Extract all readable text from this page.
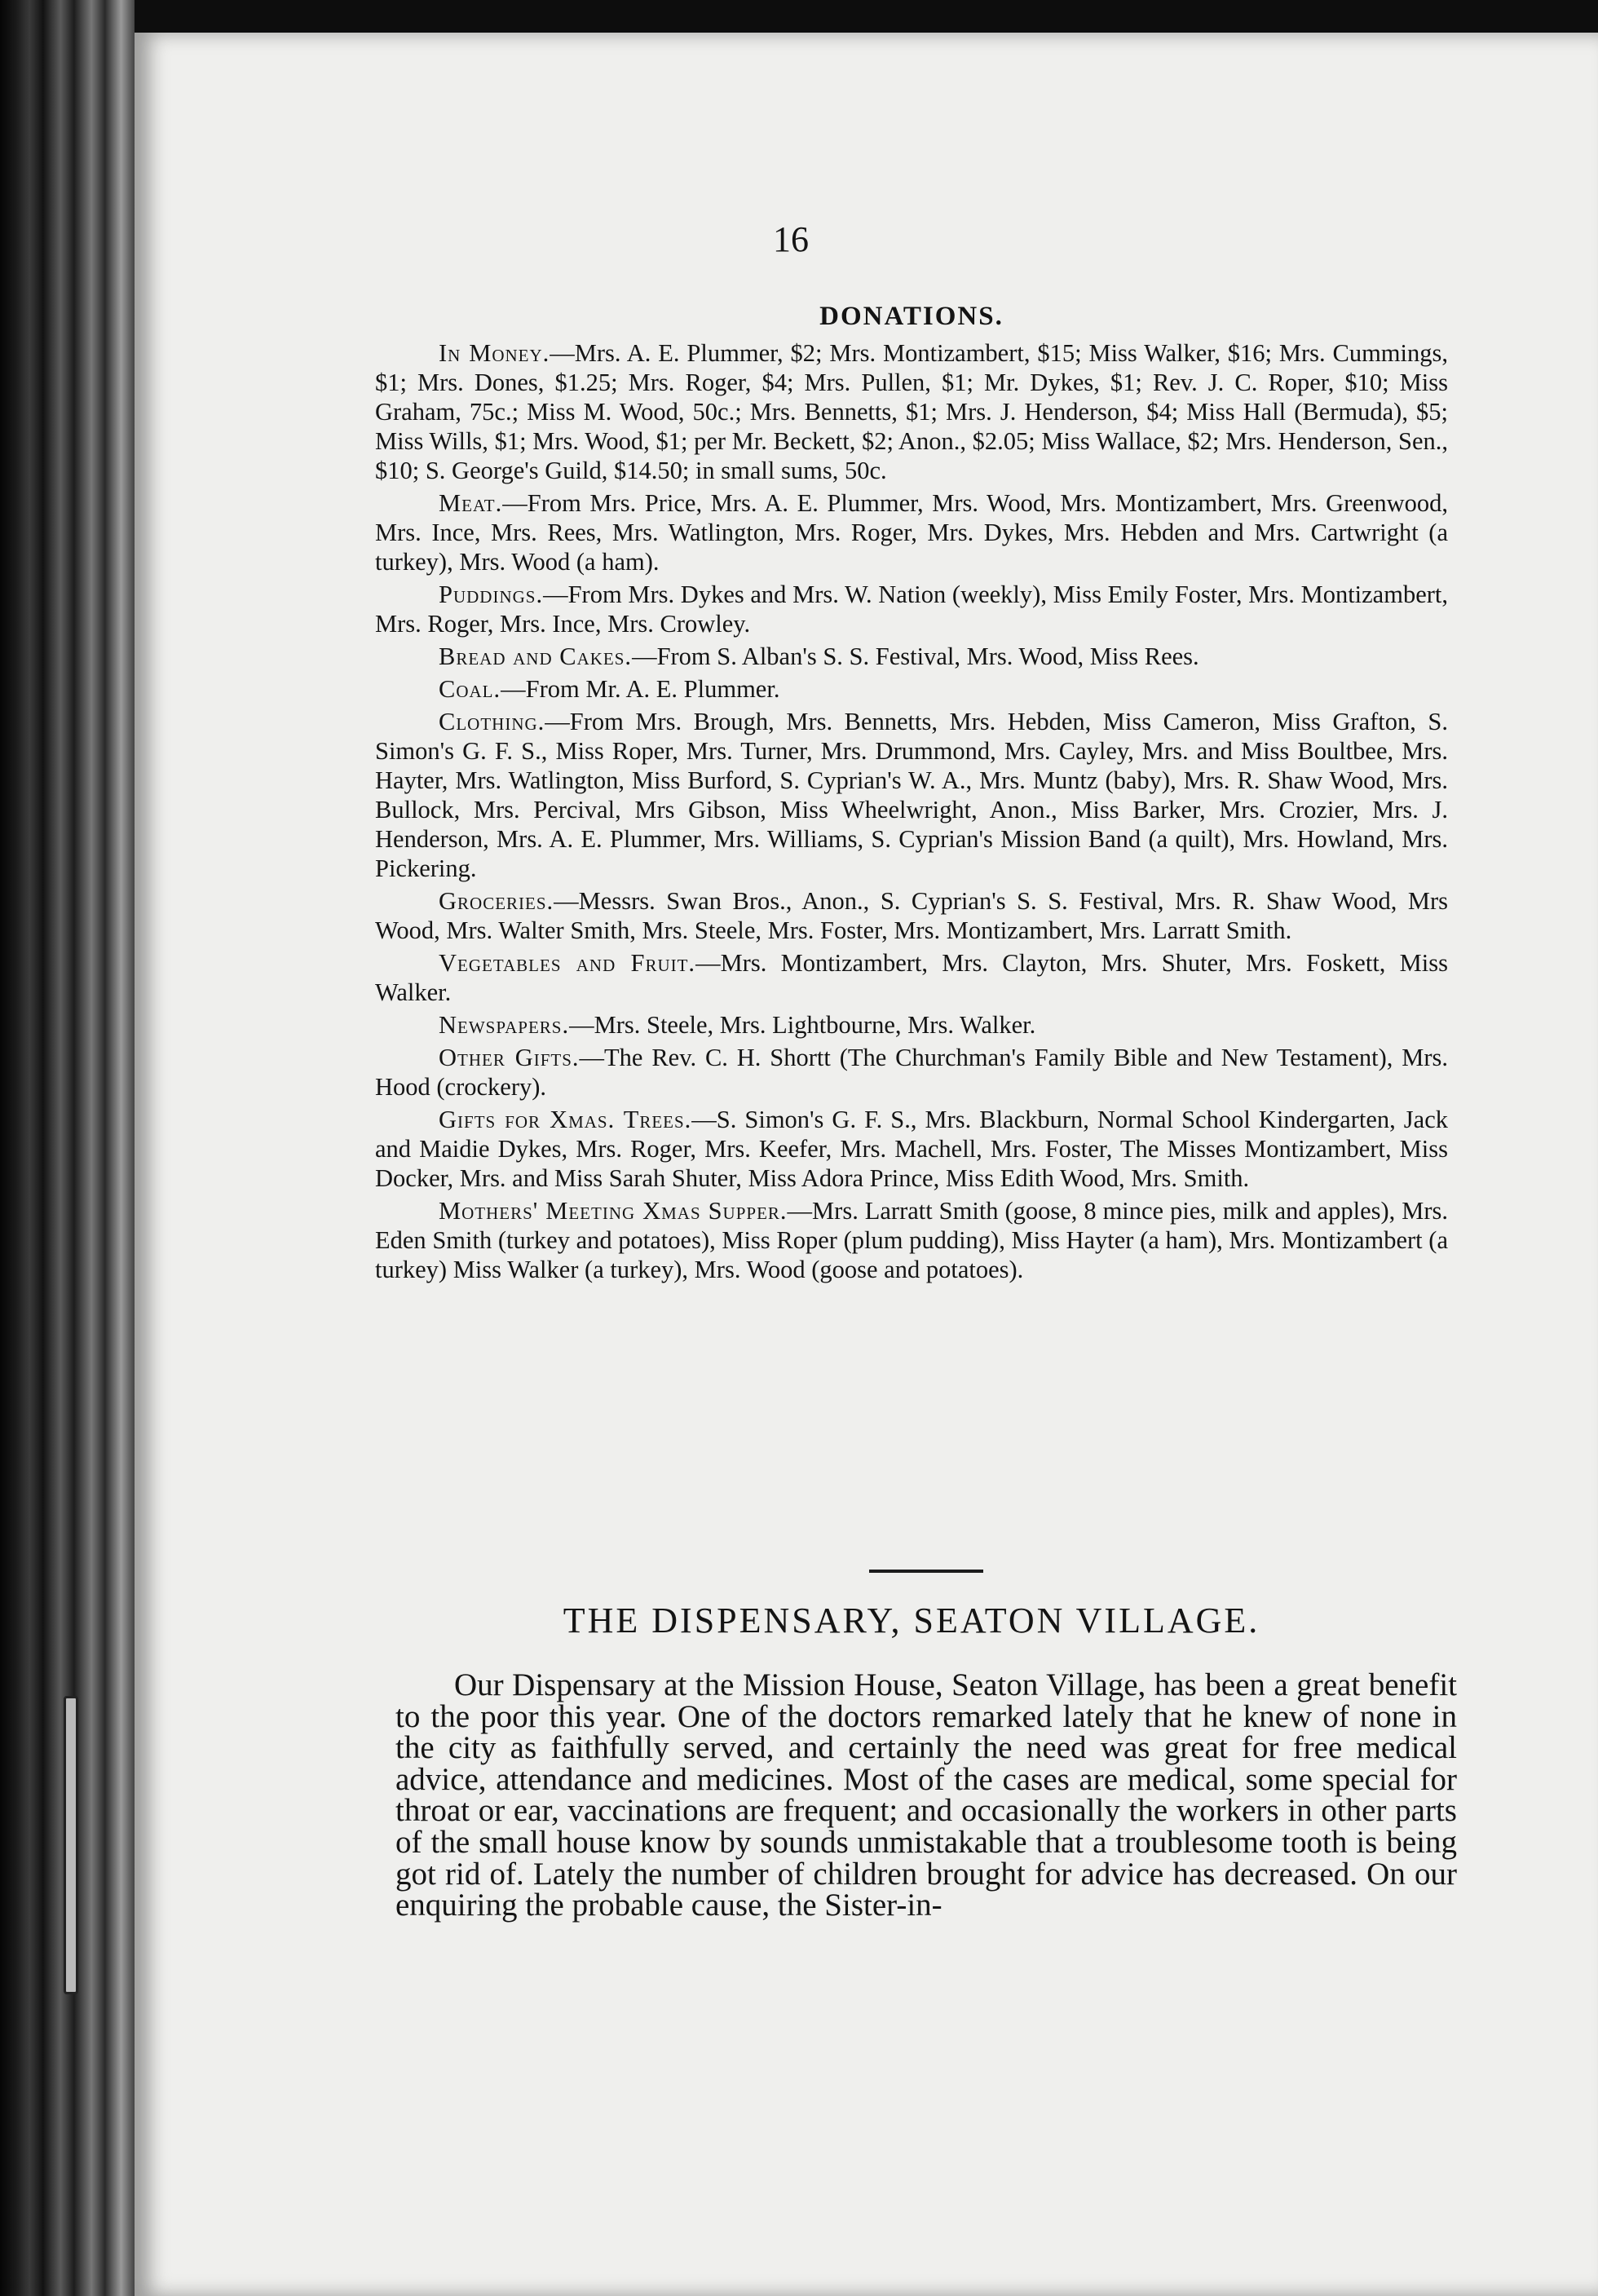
16

DONATIONS.

In Money.—Mrs. A. E. Plummer, $2; Mrs. Montizambert, $15; Miss Walker, $16; Mrs. Cummings, $1; Mrs. Dones, $1.25; Mrs. Roger, $4; Mrs. Pullen, $1; Mr. Dykes, $1; Rev. J. C. Roper, $10; Miss Graham, 75c.; Miss M. Wood, 50c.; Mrs. Bennetts, $1; Mrs. J. Henderson, $4; Miss Hall (Bermuda), $5; Miss Wills, $1; Mrs. Wood, $1; per Mr. Beckett, $2; Anon., $2.05; Miss Wallace, $2; Mrs. Henderson, Sen., $10; S. George's Guild, $14.50; in small sums, 50c.

Meat.—From Mrs. Price, Mrs. A. E. Plummer, Mrs. Wood, Mrs. Montizambert, Mrs. Greenwood, Mrs. Ince, Mrs. Rees, Mrs. Watlington, Mrs. Roger, Mrs. Dykes, Mrs. Hebden and Mrs. Cartwright (a turkey), Mrs. Wood (a ham).

Puddings.—From Mrs. Dykes and Mrs. W. Nation (weekly), Miss Emily Foster, Mrs. Montizambert, Mrs. Roger, Mrs. Ince, Mrs. Crowley.

Bread and Cakes.—From S. Alban's S. S. Festival, Mrs. Wood, Miss Rees.

Coal.—From Mr. A. E. Plummer.

Clothing.—From Mrs. Brough, Mrs. Bennetts, Mrs. Hebden, Miss Cameron, Miss Grafton, S. Simon's G. F. S., Miss Roper, Mrs. Turner, Mrs. Drummond, Mrs. Cayley, Mrs. and Miss Boultbee, Mrs. Hayter, Mrs. Watlington, Miss Burford, S. Cyprian's W. A., Mrs. Muntz (baby), Mrs. R. Shaw Wood, Mrs. Bullock, Mrs. Percival, Mrs Gibson, Miss Wheelwright, Anon., Miss Barker, Mrs. Crozier, Mrs. J. Henderson, Mrs. A. E. Plummer, Mrs. Williams, S. Cyprian's Mission Band (a quilt), Mrs. Howland, Mrs. Pickering.

Groceries.—Messrs. Swan Bros., Anon., S. Cyprian's S. S. Festival, Mrs. R. Shaw Wood, Mrs Wood, Mrs. Walter Smith, Mrs. Steele, Mrs. Foster, Mrs. Montizambert, Mrs. Larratt Smith.

Vegetables and Fruit.—Mrs. Montizambert, Mrs. Clayton, Mrs. Shuter, Mrs. Foskett, Miss Walker.

Newspapers.—Mrs. Steele, Mrs. Lightbourne, Mrs. Walker.

Other Gifts.—The Rev. C. H. Shortt (The Churchman's Family Bible and New Testament), Mrs. Hood (crockery).

Gifts for Xmas. Trees.—S. Simon's G. F. S., Mrs. Blackburn, Normal School Kindergarten, Jack and Maidie Dykes, Mrs. Roger, Mrs. Keefer, Mrs. Machell, Mrs. Foster, The Misses Montizambert, Miss Docker, Mrs. and Miss Sarah Shuter, Miss Adora Prince, Miss Edith Wood, Mrs. Smith.

Mothers' Meeting Xmas Supper.—Mrs. Larratt Smith (goose, 8 mince pies, milk and apples), Mrs. Eden Smith (turkey and potatoes), Miss Roper (plum pudding), Miss Hayter (a ham), Mrs. Montizambert (a turkey) Miss Walker (a turkey), Mrs. Wood (goose and potatoes).

THE DISPENSARY, SEATON VILLAGE.

Our Dispensary at the Mission House, Seaton Village, has been a great benefit to the poor this year. One of the doctors remarked lately that he knew of none in the city as faithfully served, and certainly the need was great for free medical advice, attendance and medicines. Most of the cases are medical, some special for throat or ear, vaccinations are frequent; and occasionally the workers in other parts of the small house know by sounds unmistakable that a troublesome tooth is being got rid of. Lately the number of children brought for advice has decreased. On our enquiring the probable cause, the Sister-in-
